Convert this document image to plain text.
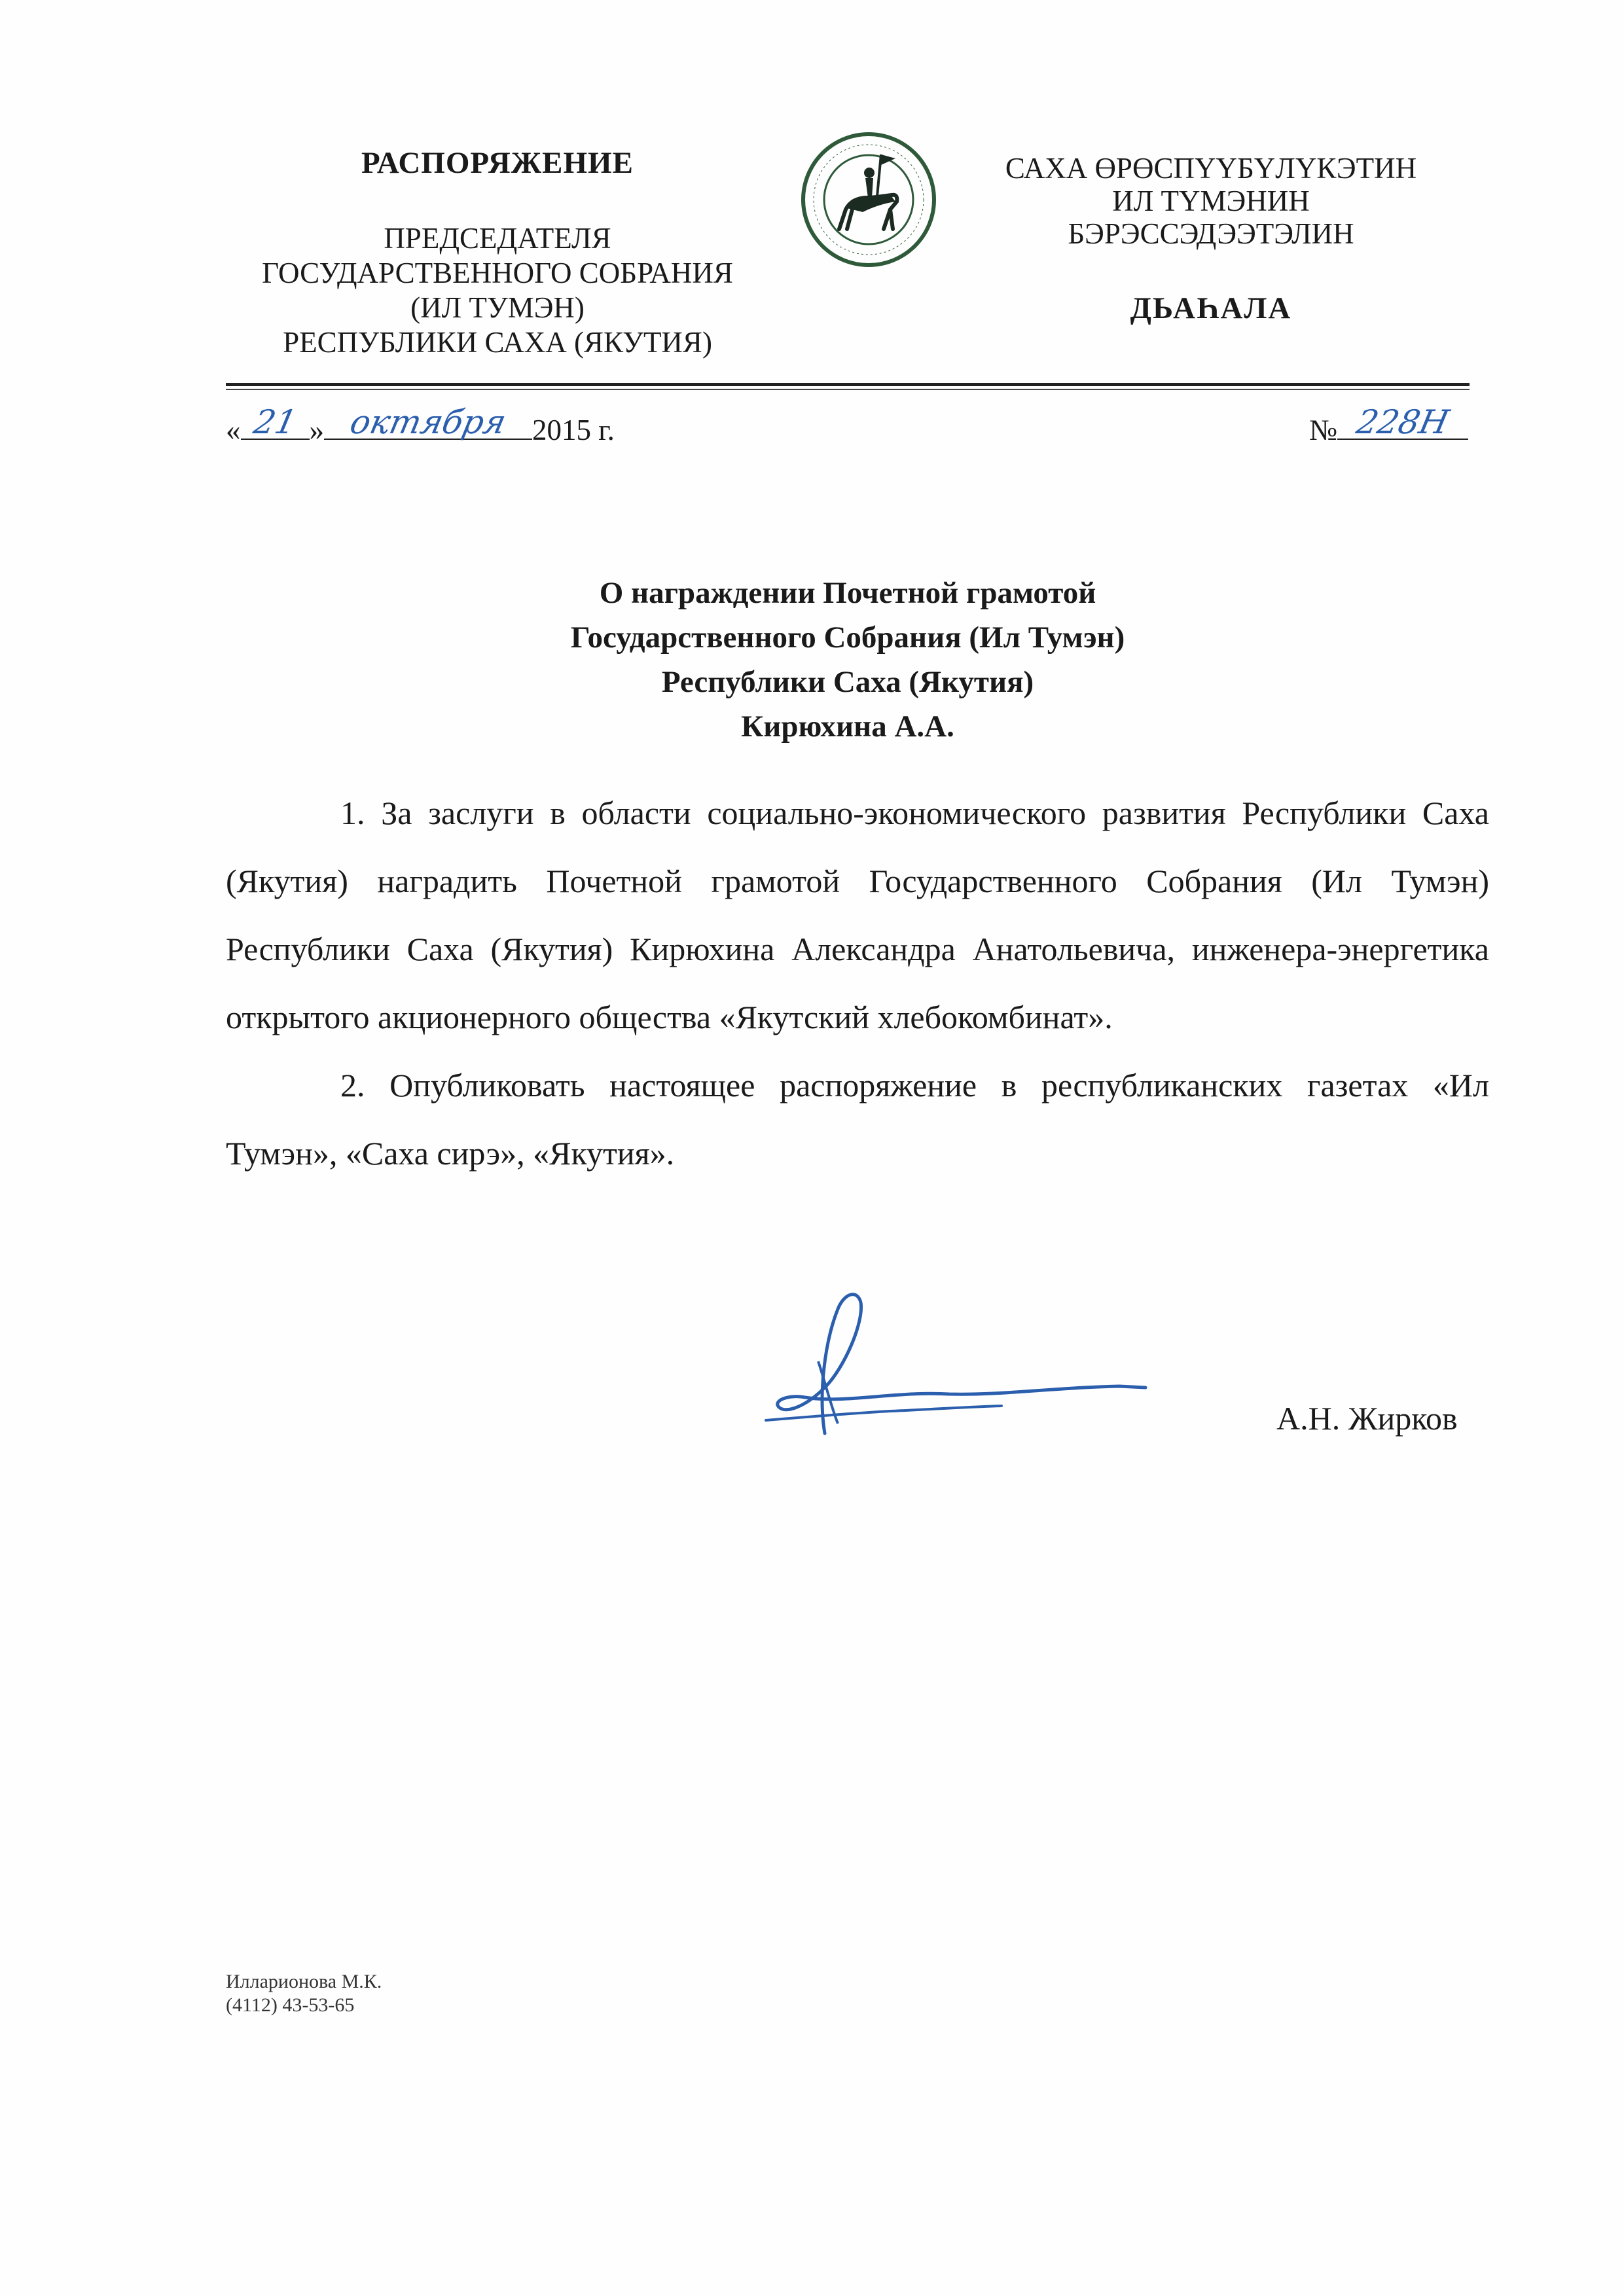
РАСПОРЯЖЕНИЕ
ПРЕДСЕДАТЕЛЯ
ГОСУДАРСТВЕННОГО СОБРАНИЯ
(ИЛ ТУМЭН)
РЕСПУБЛИКИ САХА (ЯКУТИЯ)
САХА ӨРӨСПҮҮБҮЛҮКЭТИН
ИЛ ТҮМЭНИН
БЭРЭССЭДЭЭТЭЛИН
ДЬАҺАЛА
« 21 » октября 2015 г.	№ 228Н
О награждении Почетной грамотой
Государственного Собрания (Ил Тумэн)
Республики Саха (Якутия)
Кирюхина А.А.

1. За заслуги в области социально-экономического развития Республики Саха (Якутия) наградить Почетной грамотой Государственного Собрания (Ил Тумэн) Республики Саха (Якутия) Кирюхина Александра Анатольевича, инженера-энергетика открытого акционерного общества «Якутский хлебокомбинат».

2. Опубликовать настоящее распоряжение в республиканских газетах «Ил Тумэн», «Саха сирэ», «Якутия».

А.Н. Жирков
Илларионова М.К.
(4112) 43-53-65
